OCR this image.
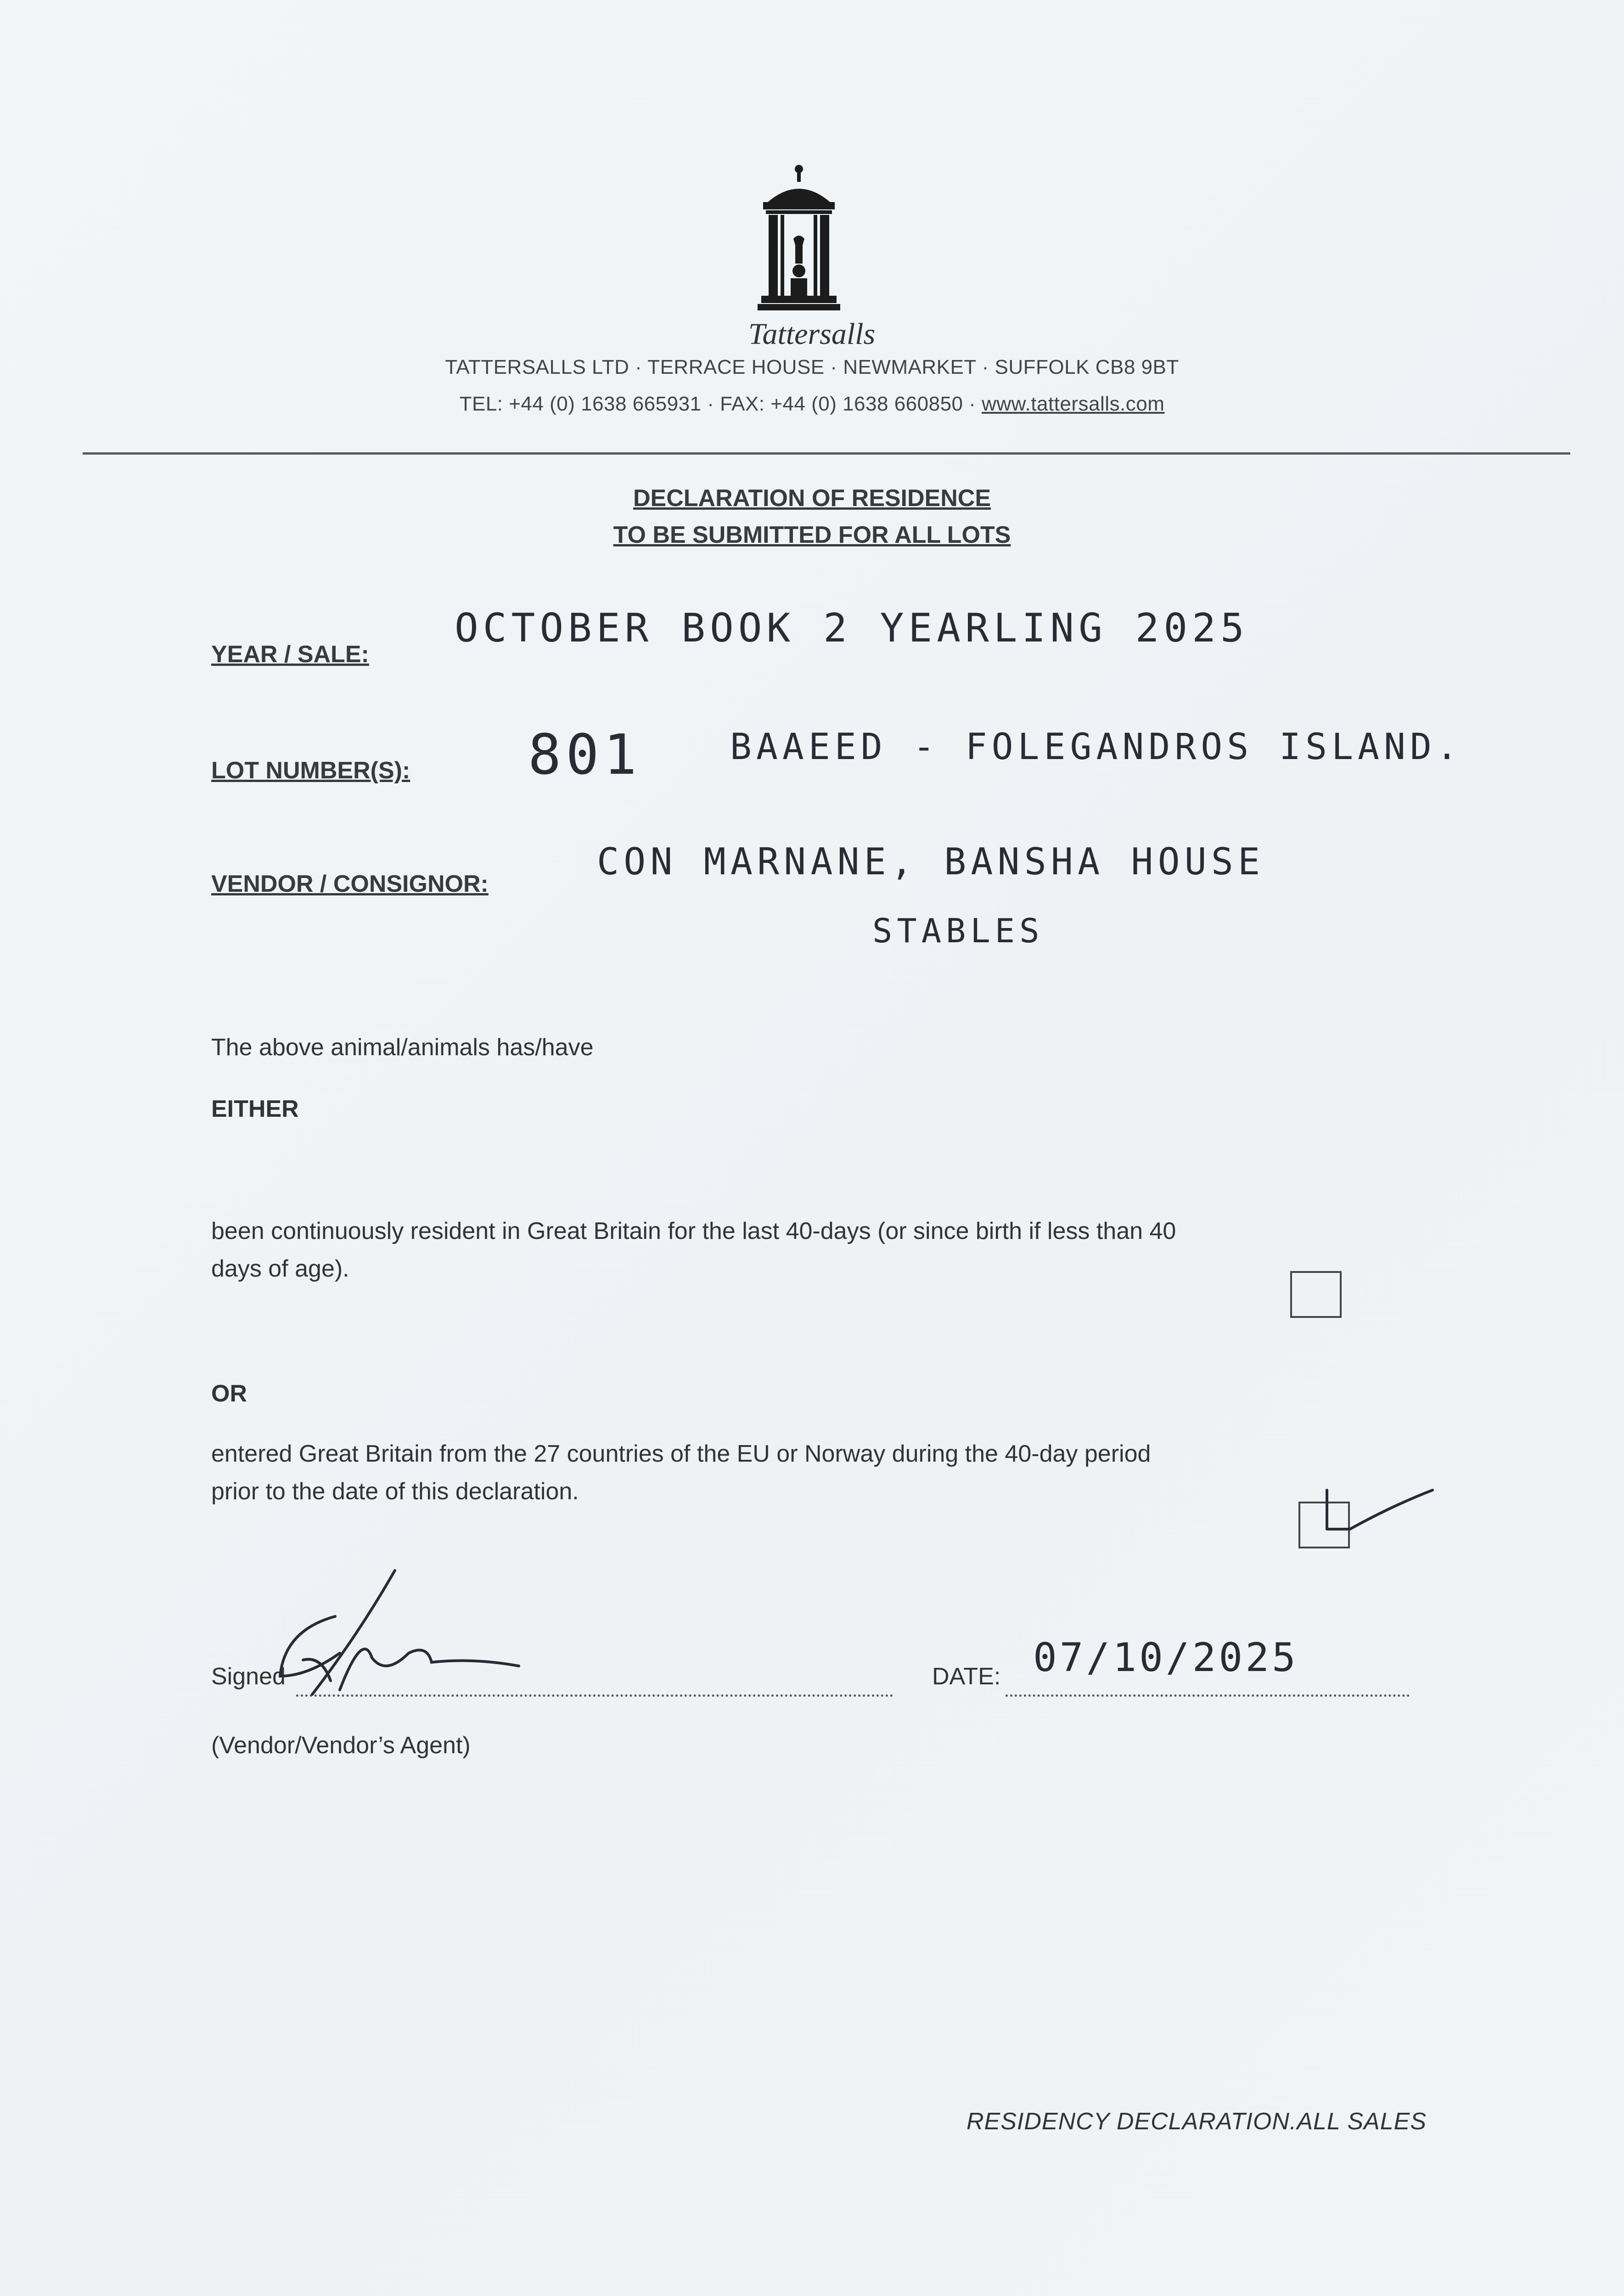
Tattersalls
TATTERSALLS LTD · TERRACE HOUSE · NEWMARKET · SUFFOLK CB8 9BT
TEL: +44 (0) 1638 665931 · FAX: +44 (0) 1638 660850 · www.tattersalls.com
DECLARATION OF RESIDENCE
TO BE SUBMITTED FOR ALL LOTS
YEAR / SALE:
OCTOBER BOOK 2 YEARLING 2025
LOT NUMBER(S): 801 BAAEED - FOLEGANDROS ISLAND.
VENDOR / CONSIGNOR:
CON MARNANE, BANSHA HOUSE
STABLES
The above animal/animals has/have
EITHER
been continuously resident in Great Britain for the last 40-days (or since birth if less than 40
days of age).
OR
entered Great Britain from the 27 countries of the EU or Norway during the 40-day period
prior to the date of this declaration.
Signed	DATE: 07/10/2025
(Vendor/Vendor’s Agent)
RESIDENCY DECLARATION.ALL SALES
